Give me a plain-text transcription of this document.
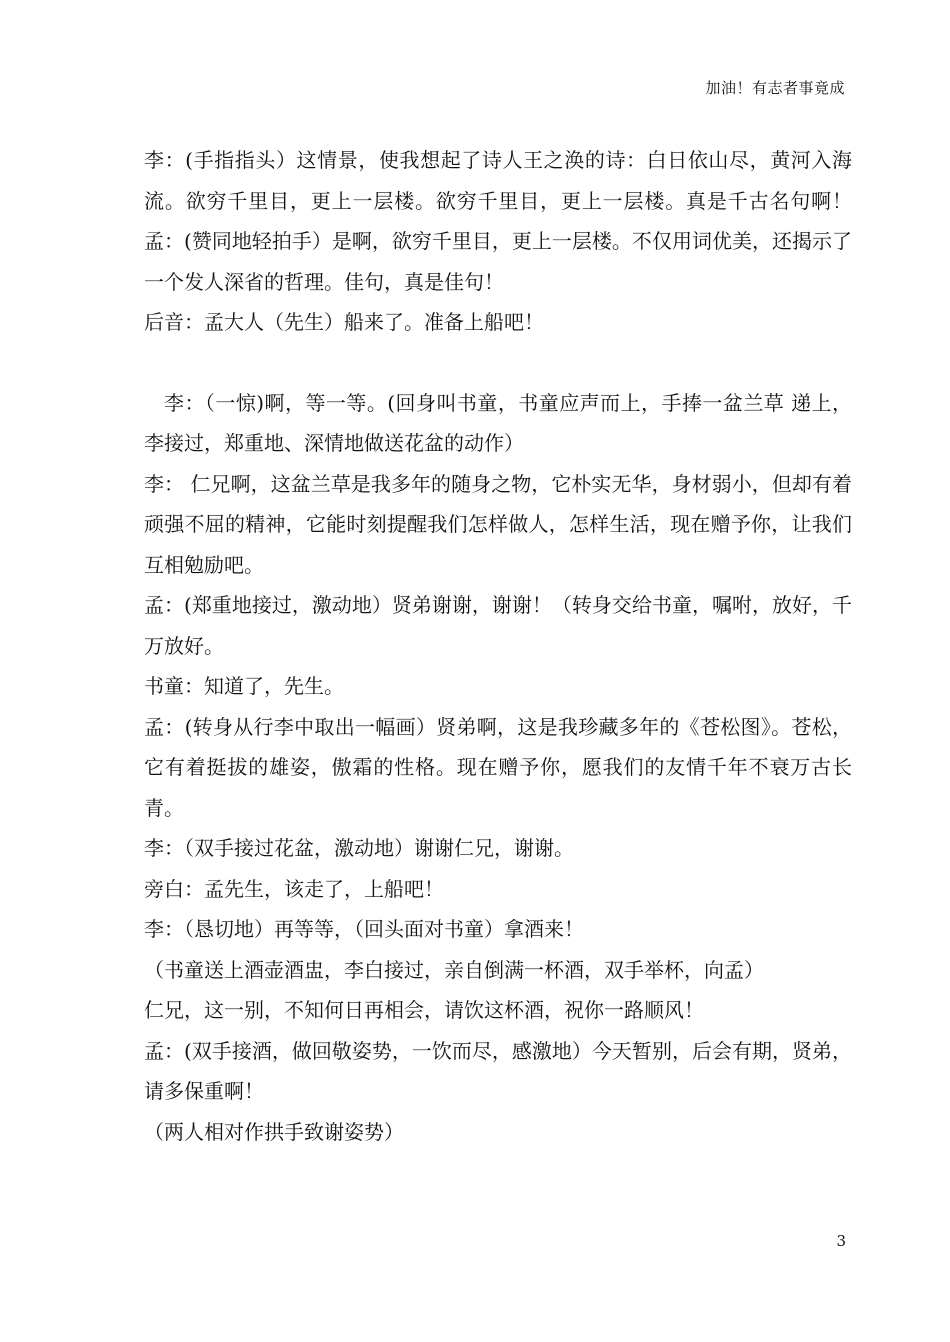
加油！有志者事竟成

李：(手指指头）这情景，使我想起了诗人王之涣的诗：白日依山尽，黄河入海流。欲穷千里目，更上一层楼。欲穷千里目，更上一层楼。真是千古名句啊！孟：(赞同地轻拍手）是啊，欲穷千里目，更上一层楼。不仅用词优美，还揭示了一个发人深省的哲理。佳句，真是佳句！

后音：孟大人（先生）船来了。准备上船吧！

李：（一惊)啊，等一等。(回身叫书童，书童应声而上，手捧一盆兰草 递上，李接过，郑重地、深情地做送花盆的动作）

李： 仁兄啊，这盆兰草是我多年的随身之物，它朴实无华，身材弱小，但却有着顽强不屈的精神，它能时刻提醒我们怎样做人，怎样生活，现在赠予你，让我们互相勉励吧。

孟：(郑重地接过，激动地）贤弟谢谢，谢谢！（转身交给书童，嘱咐，放好，千万放好。

书童：知道了，先生。

孟：(转身从行李中取出一幅画）贤弟啊，这是我珍藏多年的《苍松图》。苍松，它有着挺拔的雄姿，傲霜的性格。现在赠予你，愿我们的友情千年不衰万古长青。

李：（双手接过花盆，激动地）谢谢仁兄，谢谢。

旁白：孟先生，该走了，上船吧！

李：（恳切地）再等等，（回头面对书童）拿酒来！

（书童送上酒壶酒盅，李白接过，亲自倒满一杯酒，双手举杯，向孟）

仁兄，这一别，不知何日再相会，请饮这杯酒，祝你一路顺风！

孟：(双手接酒，做回敬姿势，一饮而尽，感激地）今天暂别，后会有期，贤弟，请多保重啊！

（两人相对作拱手致谢姿势）

3
